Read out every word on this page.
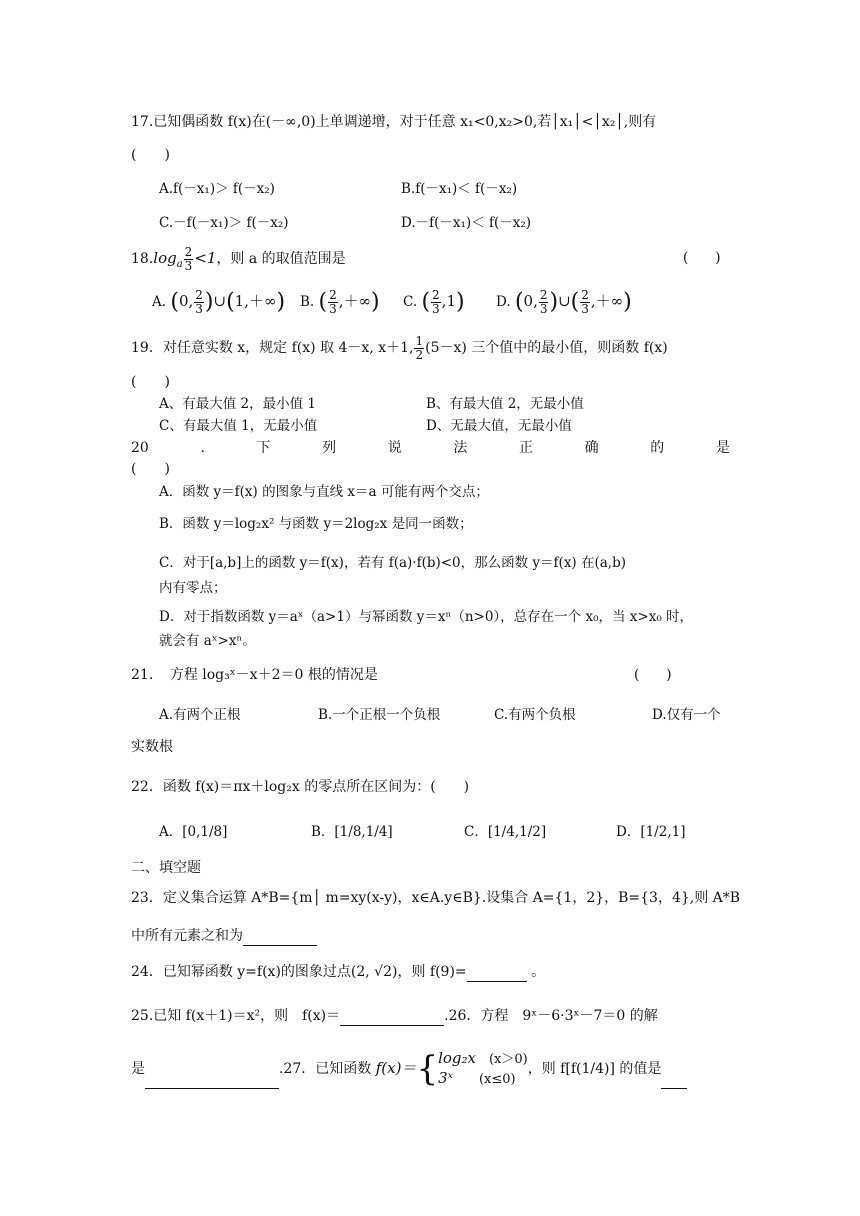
17.已知偶函数 f(x)在(－∞,0)上单调递增，对于任意 x₁<0,x₂>0,若│x₁│<│x₂│,则有
(　　)
A.f(－x₁)＞ f(－x₂)	B.f(－x₁)＜ f(－x₂)
C.－f(－x₁)＞ f(－x₂)	D.－f(－x₁)＜ f(－x₂)
$18.\log_a \frac{2}{3} <1$，则 a 的取值范围是	(　　)
A. (0, $\frac{2}{3}$ )∪(1,＋∞) B. ( $\frac{2}{3}$ ,＋∞) C. ( $\frac{2}{3} ,1$) D. (0, $\frac{2}{3}$ )∪( $\frac{2}{3}$ ,＋∞)
19．对任意实数 x，规定 f(x) 取 4－x, x＋1, $\frac{1}{2} (5-x)$ 三个值中的最小值，则函数 f(x)
(　　)
A、有最大值 2，最小值 1	B、有最大值 2，无最小值
C、有最大值 1，无最小值	D、无最大值，无最小值
20	.	下	列	说	法	正	确	的	是
(　　)
A．函数 y＝f(x) 的图象与直线 x＝a 可能有两个交点；
B．函数 y＝log₂x² 与函数 y＝2log₂x 是同一函数；
C．对于[a,b]上的函数 y＝f(x)，若有 f(a)·f(b)<0，那么函数 y＝f(x) 在(a,b)
内有零点；
D．对于指数函数 y＝aˣ（a>1）与幂函数 y＝xⁿ（n>0），总存在一个 x₀，当 x>x₀ 时，
就会有 aˣ>xⁿ。
21．　方程 log₃ˣ－x＋2＝0 根的情况是	(　　)
A.有两个正根	B.一个正根一个负根	C.有两个负根	D.仅有一个
实数根
22．函数 f(x)＝πx＋log₂x 的零点所在区间为：(　　)
A．[0,1/8]	B．[1/8,1/4]	C．[1/4,1/2]	D．[1/2,1]
二、填空题
23．定义集合运算 A*B={m│ m=xy(x-y)，x∈A.y∈B}.设集合 A={1，2}，B={3，4},则 A*B
中所有元素之和为
24．已知幂函数 y=f(x)的图象过点(2, √2)，则 f(9)=	。
25.已知 f(x＋1)＝x²，则　f(x)＝	.26．方程　9ˣ－6·3ˣ－7＝0 的解
是	.27．已知函数 f(x)＝{log₂x　(x＞0)
3ˣ　　(x≤0)，则 f[f(1/4)] 的值是
